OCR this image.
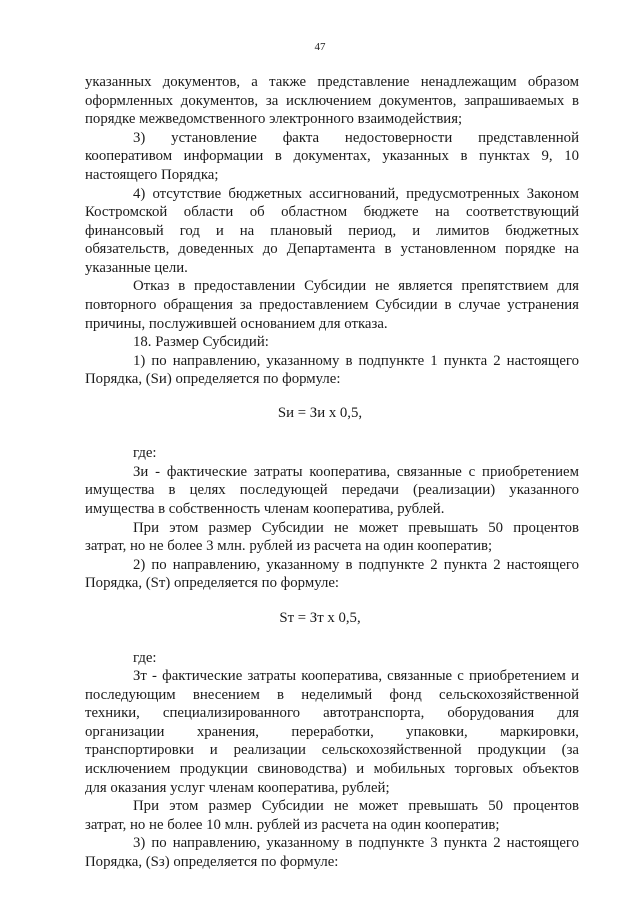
47
указанных документов, а также представление ненадлежащим образом
оформленных документов, за исключением документов, запрашиваемых в
порядке межведомственного электронного взаимодействия;
3) установление факта недостоверности представленной
кооперативом информации в документах, указанных в пунктах 9, 10
настоящего Порядка;
4) отсутствие бюджетных ассигнований, предусмотренных Законом
Костромской области об областном бюджете на соответствующий
финансовый год и на плановый период, и лимитов бюджетных
обязательств, доведенных до Департамента в установленном порядке на
указанные цели.
Отказ в предоставлении Субсидии не является препятствием для
повторного обращения за предоставлением Субсидии в случае устранения
причины, послужившей основанием для отказа.
18. Размер Субсидий:
1) по направлению, указанному в подпункте 1 пункта 2 настоящего
Порядка, (Sи) определяется по формуле:
Sи = Зи х 0,5,
где:
Зи - фактические затраты кооператива, связанные с приобретением
имущества в целях последующей передачи (реализации) указанного
имущества в собственность членам кооператива, рублей.
При этом размер Субсидии не может превышать 50 процентов
затрат, но не более 3 млн. рублей из расчета на один кооператив;
2) по направлению, указанному в подпункте 2 пункта 2 настоящего
Порядка, (Sт) определяется по формуле:
Sт = Зт х 0,5,
где:
Зт - фактические затраты кооператива, связанные с приобретением и
последующим внесением в неделимый фонд сельскохозяйственной
техники, специализированного автотранспорта, оборудования для
организации хранения, переработки, упаковки, маркировки,
транспортировки и реализации сельскохозяйственной продукции (за
исключением продукции свиноводства) и мобильных торговых объектов
для оказания услуг членам кооператива, рублей;
При этом размер Субсидии не может превышать 50 процентов
затрат, но не более 10 млн. рублей из расчета на один кооператив;
3) по направлению, указанному в подпункте 3 пункта 2 настоящего
Порядка, (Sз) определяется по формуле:
